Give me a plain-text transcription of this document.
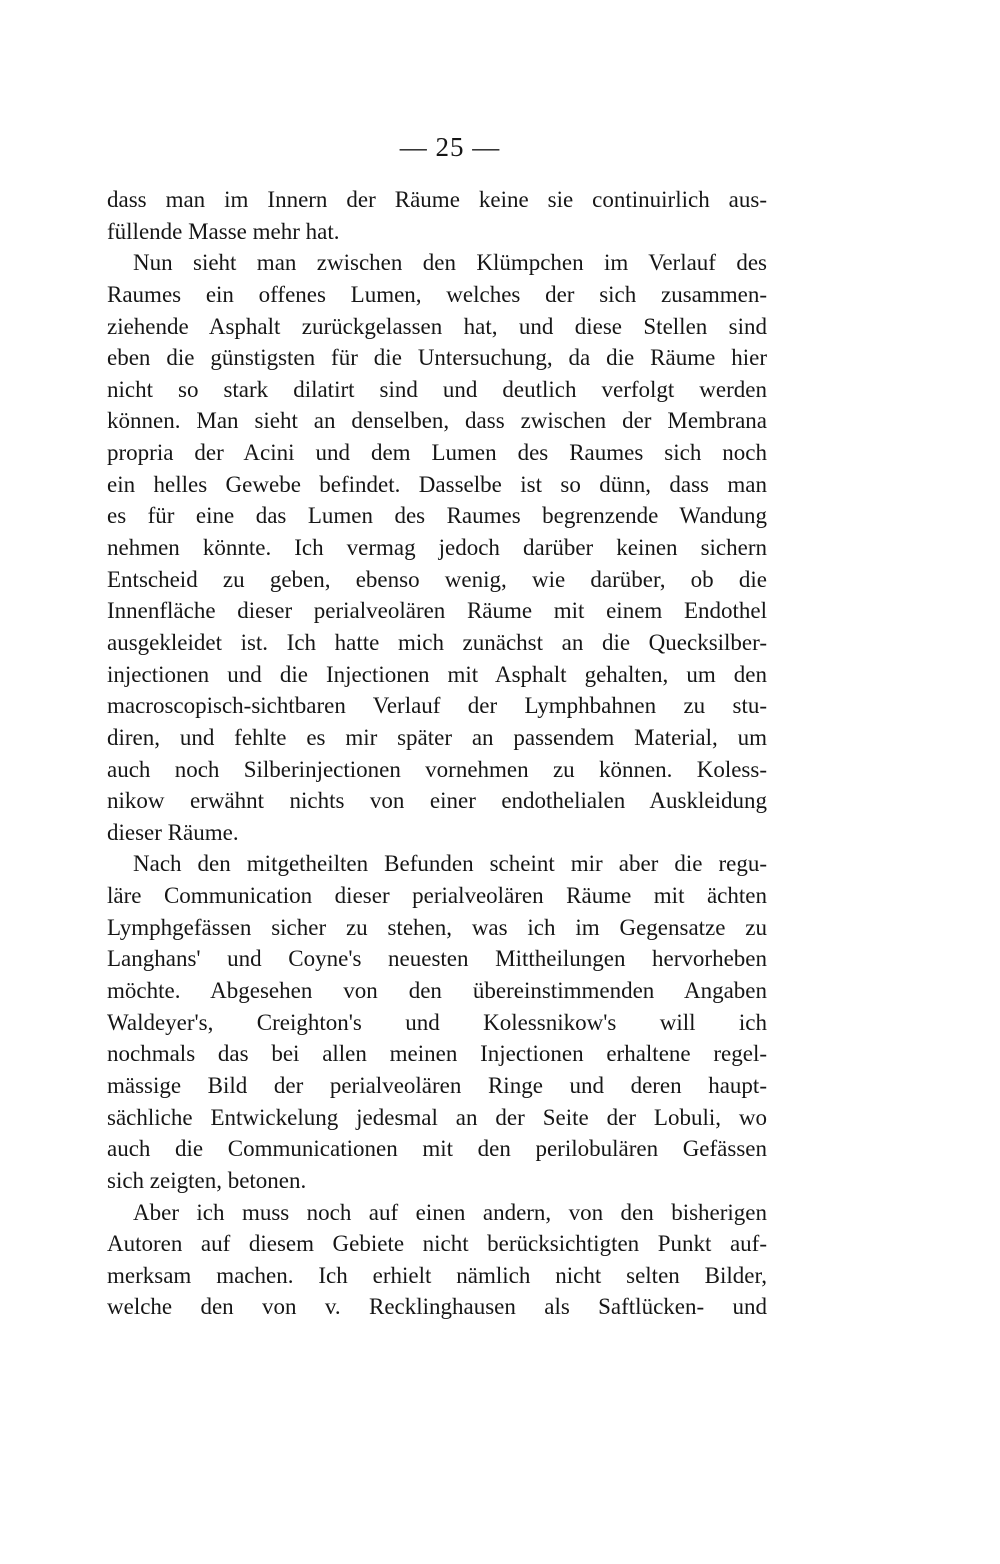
— 25 —
dass man im Innern der Räume keine sie continuirlich aus-
füllende Masse mehr hat.
Nun sieht man zwischen den Klümpchen im Verlauf des
Raumes ein offenes Lumen, welches der sich zusammen-
ziehende Asphalt zurückgelassen hat, und diese Stellen sind
eben die günstigsten für die Untersuchung, da die Räume hier
nicht so stark dilatirt sind und deutlich verfolgt werden
können. Man sieht an denselben, dass zwischen der Membrana
propria der Acini und dem Lumen des Raumes sich noch
ein helles Gewebe befindet. Dasselbe ist so dünn, dass man
es für eine das Lumen des Raumes begrenzende Wandung
nehmen könnte. Ich vermag jedoch darüber keinen sichern
Entscheid zu geben, ebenso wenig, wie darüber, ob die
Innenfläche dieser perialveolären Räume mit einem Endothel
ausgekleidet ist. Ich hatte mich zunächst an die Quecksilber-
injectionen und die Injectionen mit Asphalt gehalten, um den
macroscopisch-sichtbaren Verlauf der Lymphbahnen zu stu-
diren, und fehlte es mir später an passendem Material, um
auch noch Silberinjectionen vornehmen zu können. Koless-
nikow erwähnt nichts von einer endothelialen Auskleidung
dieser Räume.
Nach den mitgetheilten Befunden scheint mir aber die regu-
läre Communication dieser perialveolären Räume mit ächten
Lymphgefässen sicher zu stehen, was ich im Gegensatze zu
Langhans' und Coyne's neuesten Mittheilungen hervorheben
möchte. Abgesehen von den übereinstimmenden Angaben
Waldeyer's, Creighton's und Kolessnikow's will ich
nochmals das bei allen meinen Injectionen erhaltene regel-
mässige Bild der perialveolären Ringe und deren haupt-
sächliche Entwickelung jedesmal an der Seite der Lobuli, wo
auch die Communicationen mit den perilobulären Gefässen
sich zeigten, betonen.
Aber ich muss noch auf einen andern, von den bisherigen
Autoren auf diesem Gebiete nicht berücksichtigten Punkt auf-
merksam machen. Ich erhielt nämlich nicht selten Bilder,
welche den von v. Recklinghausen als Saftlücken- und
